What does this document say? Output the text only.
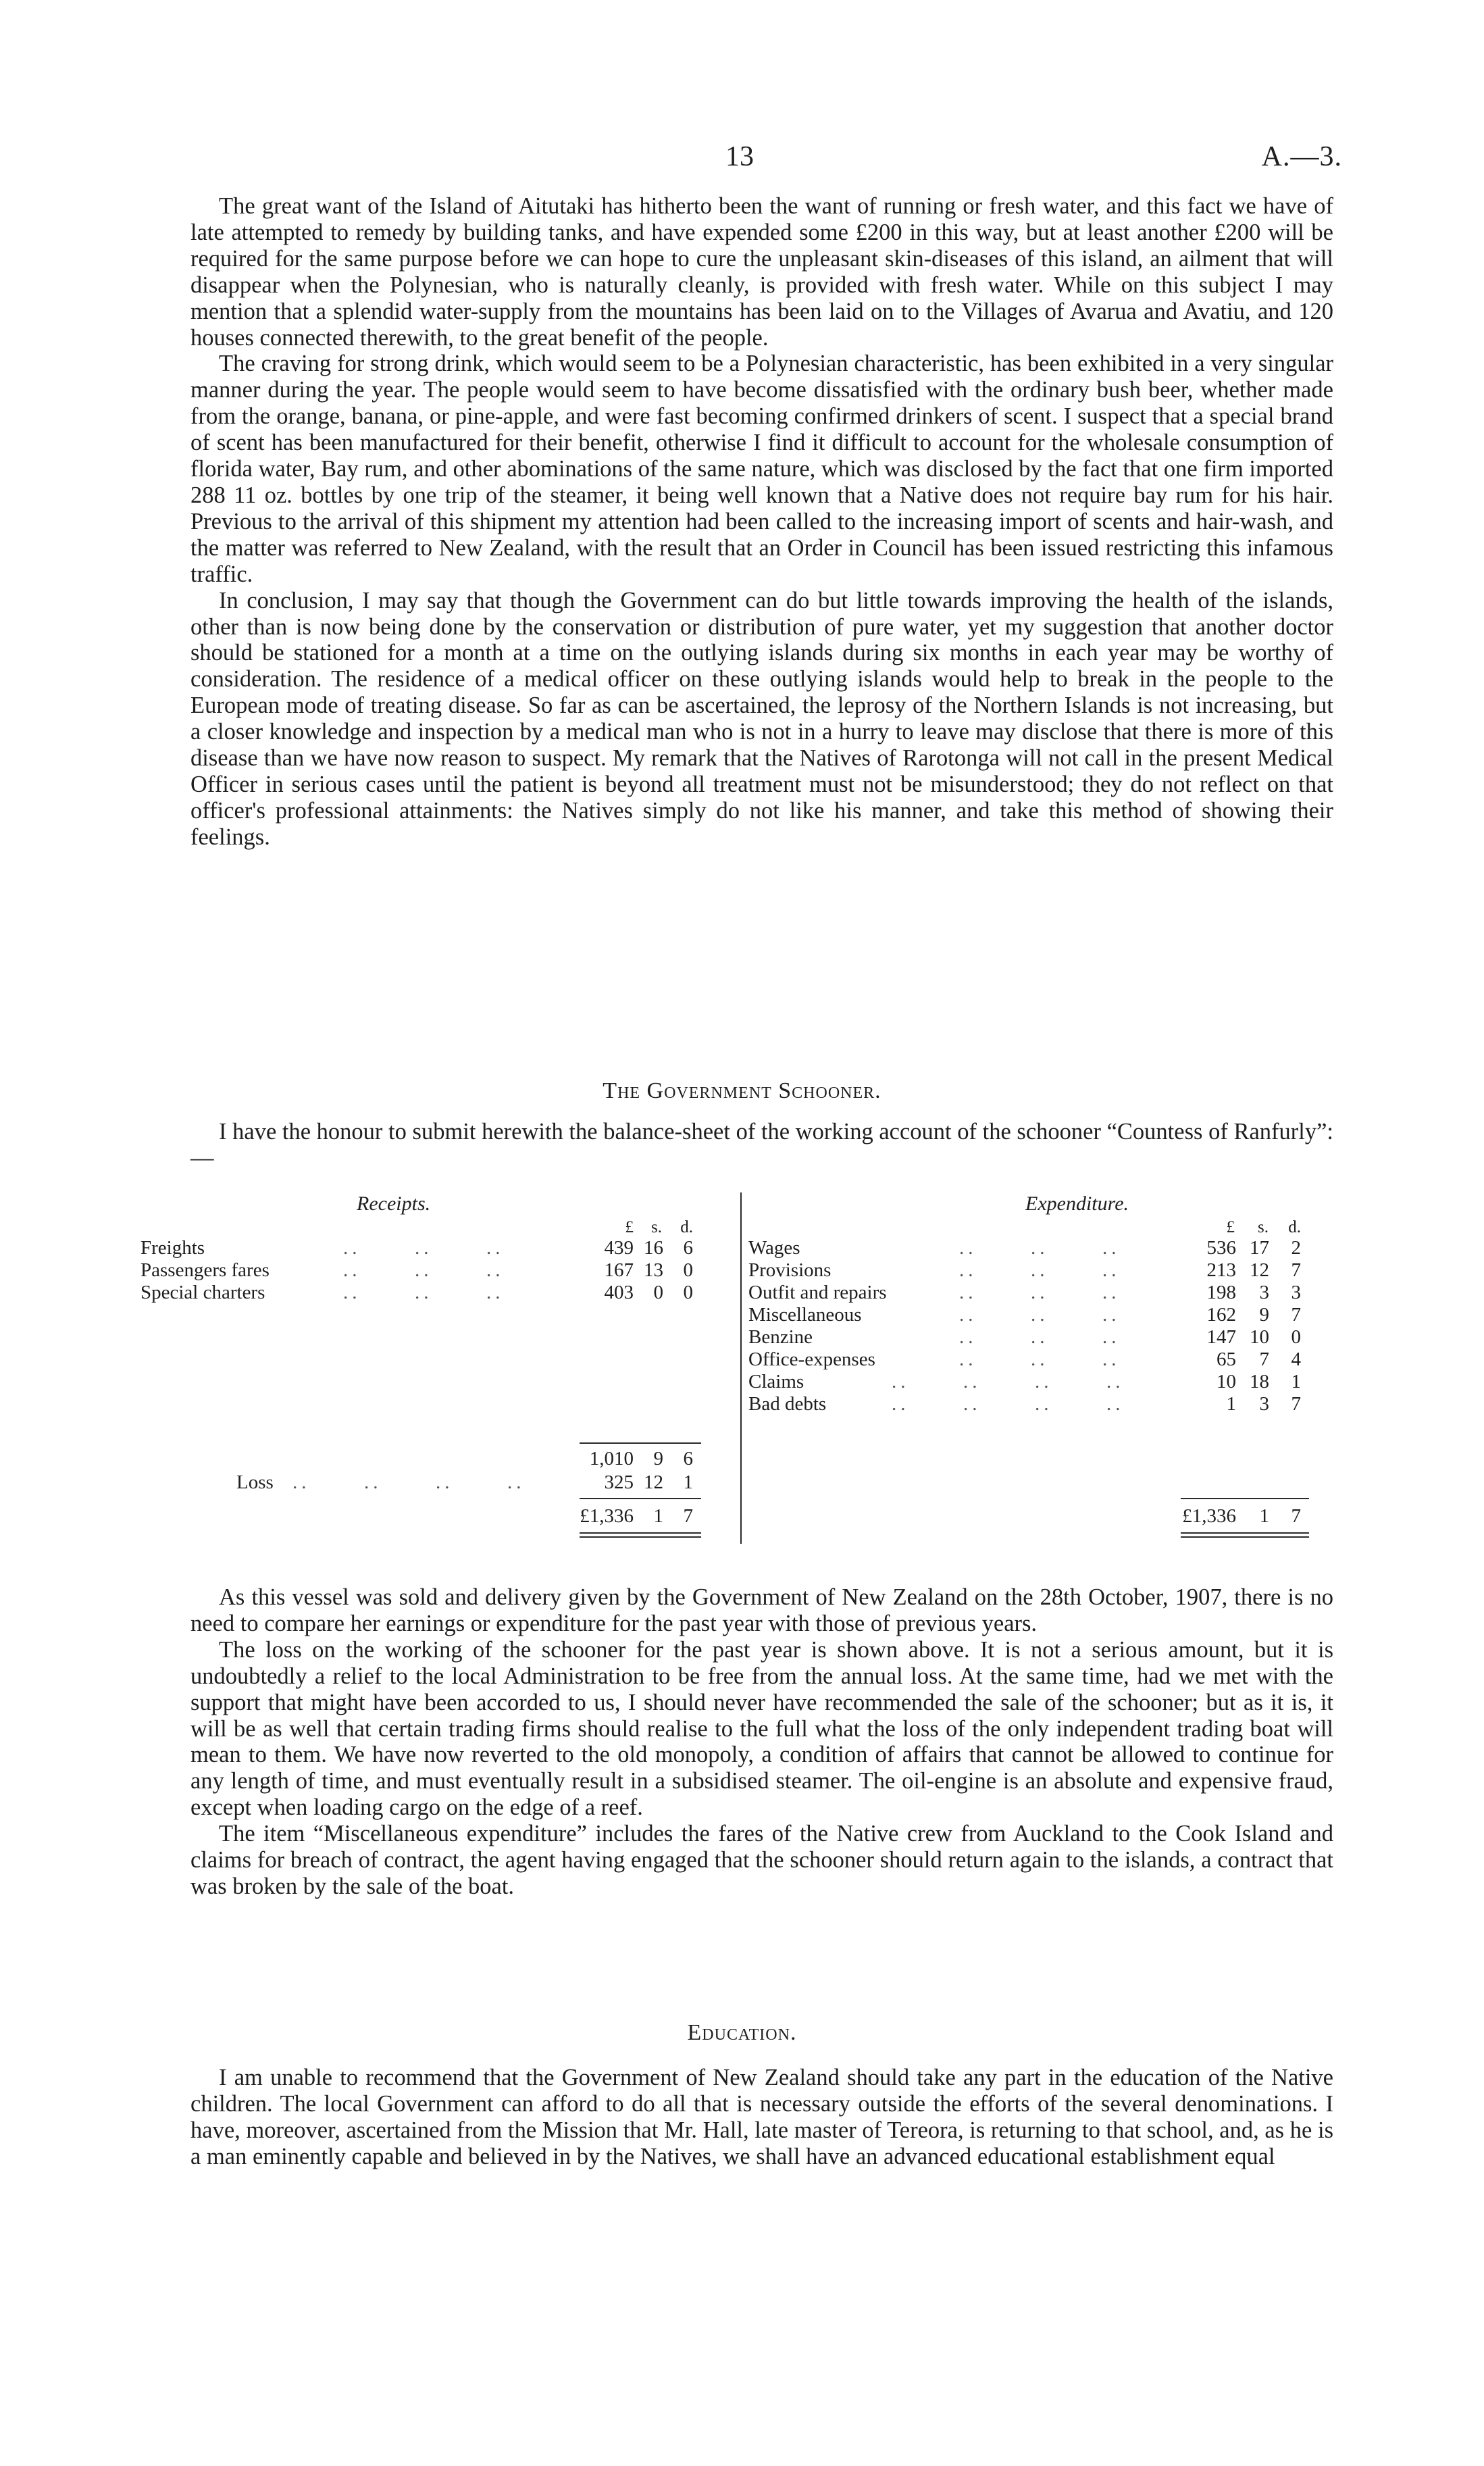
13	A.—3.

The great want of the Island of Aitutaki has hitherto been the want of running or fresh water, and this fact we have of late attempted to remedy by building tanks, and have expended some £200 in this way, but at least another £200 will be required for the same purpose before we can hope to cure the unpleasant skin-diseases of this island, an ailment that will disappear when the Polynesian, who is naturally cleanly, is provided with fresh water. While on this subject I may mention that a splendid water-supply from the mountains has been laid on to the Villages of Avarua and Avatiu, and 120 houses connected therewith, to the great benefit of the people.

The craving for strong drink, which would seem to be a Polynesian characteristic, has been exhibited in a very singular manner during the year. The people would seem to have become dissatisfied with the ordinary bush beer, whether made from the orange, banana, or pine-apple, and were fast becoming confirmed drinkers of scent. I suspect that a special brand of scent has been manufactured for their benefit, otherwise I find it difficult to account for the wholesale consumption of florida water, Bay rum, and other abominations of the same nature, which was disclosed by the fact that one firm imported 288 11 oz. bottles by one trip of the steamer, it being well known that a Native does not require bay rum for his hair. Previous to the arrival of this shipment my attention had been called to the increasing import of scents and hair-wash, and the matter was referred to New Zealand, with the result that an Order in Council has been issued restricting this infamous traffic.

In conclusion, I may say that though the Government can do but little towards improving the health of the islands, other than is now being done by the conservation or distribution of pure water, yet my suggestion that another doctor should be stationed for a month at a time on the outlying islands during six months in each year may be worthy of consideration. The residence of a medical officer on these outlying islands would help to break in the people to the European mode of treating disease. So far as can be ascertained, the leprosy of the Northern Islands is not increasing, but a closer knowledge and inspection by a medical man who is not in a hurry to leave may disclose that there is more of this disease than we have now reason to suspect. My remark that the Natives of Rarotonga will not call in the present Medical Officer in serious cases until the patient is beyond all treatment must not be misunderstood; they do not reflect on that officer's professional attainments: the Natives simply do not like his manner, and take this method of showing their feelings.

The Government Schooner.

I have the honour to submit herewith the balance-sheet of the working account of the schooner “Countess of Ranfurly”:—

Receipts.	Expenditure.
£	s.	d.	£	s.	d.
Freights	..      ..      ..	439 16	6
Passengers fares	..      ..      ..	167 13	0
Special charters	..      ..      ..	403	0	0
1,010	9	6
Loss ..      ..      ..      ..	325 12	1
£1,336	1	7
Wages	..      ..      ..	536 17	2
Provisions	..      ..      ..	213 12	7
Outfit and repairs	..      ..      ..	198	3	3
Miscellaneous	..      ..      ..	162	9	7
Benzine	..      ..      ..	147 10	0
Office-expenses	..      ..      ..	65	7	4
Claims	..      ..      ..      ..	10 18	1
Bad debts	..      ..      ..      ..	1	3	7
£1,336	1	7

As this vessel was sold and delivery given by the Government of New Zealand on the 28th October, 1907, there is no need to compare her earnings or expenditure for the past year with those of previous years.

The loss on the working of the schooner for the past year is shown above. It is not a serious amount, but it is undoubtedly a relief to the local Administration to be free from the annual loss. At the same time, had we met with the support that might have been accorded to us, I should never have recommended the sale of the schooner; but as it is, it will be as well that certain trading firms should realise to the full what the loss of the only independent trading boat will mean to them. We have now reverted to the old monopoly, a condition of affairs that cannot be allowed to continue for any length of time, and must eventually result in a subsidised steamer. The oil-engine is an absolute and expensive fraud, except when loading cargo on the edge of a reef.

The item “Miscellaneous expenditure” includes the fares of the Native crew from Auckland to the Cook Island and claims for breach of contract, the agent having engaged that the schooner should return again to the islands, a contract that was broken by the sale of the boat.

Education.

I am unable to recommend that the Government of New Zealand should take any part in the education of the Native children. The local Government can afford to do all that is necessary outside the efforts of the several denominations. I have, moreover, ascertained from the Mission that Mr. Hall, late master of Tereora, is returning to that school, and, as he is a man eminently capable and believed in by the Natives, we shall have an advanced educational establishment equal
